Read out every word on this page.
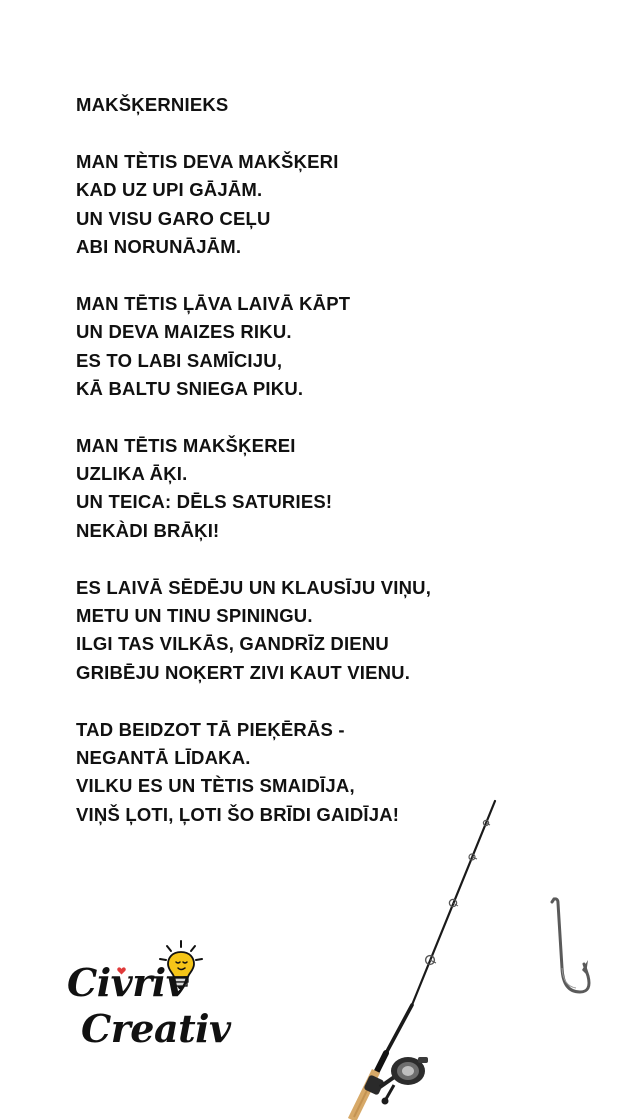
MAKŠĶERNIEKS
MAN TÈTIS DEVA MAKŠĶERI
KAD UZ UPI GĀJĀM.
UN VISU GARO CEĻU
ABI NORUNĀJĀM.
MAN TĒTIS ĻĀVA LAIVĀ KĀPT
UN DEVA MAIZES RIKU.
ES TO LABI SAMĪCIJU,
KĀ BALTU SNIEGA PIKU.
MAN TĒTIS MAKŠĶEREI
UZLIKA ĀĶI.
UN TEICA: DĒLS SATURIES!
NEKÀDI BRĀĶI!
ES LAIVĀ SĒDĒJU UN KLAUSĪJU VIŅU,
METU UN TINU SPININGU.
ILGI TAS VILKĀS, GANDRĪZ DIENU
GRIBĒJU NOĶERT ZIVI KAUT VIENU.
TAD BEIDZOT TĀ PIEĶĒRĀS -
NEGANTĀ LĪDAKA.
VILKU ES UN TÈTIS SMAIDĪJA,
VIŅŠ ĻOTI, ĻOTI ŠO BRĪDI GAIDĪJA!
Civriv
Creativ
